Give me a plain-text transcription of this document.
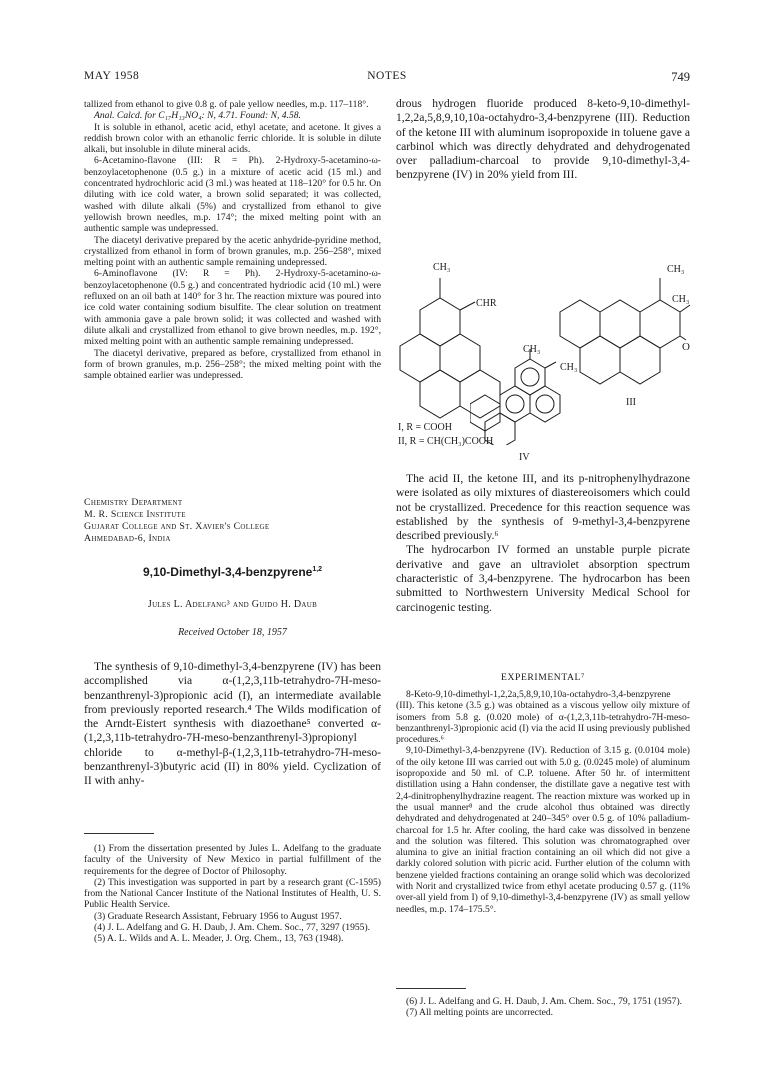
MAY 1958	NOTES	749

tallized from ethanol to give 0.8 g. of pale yellow needles, m.p. 117–118°.

Anal. Calcd. for C₁₇H₁₃NO₄: N, 4.71. Found: N, 4.58.

It is soluble in ethanol, acetic acid, ethyl acetate, and acetone. It gives a reddish brown color with an ethanolic ferric chloride. It is soluble in dilute alkali, but insoluble in dilute mineral acids.

6-Acetamino-flavone (III: R = Ph). 2-Hydroxy-5-acetamino-ω-benzoylacetophenone (0.5 g.) in a mixture of acetic acid (15 ml.) and concentrated hydrochloric acid (3 ml.) was heated at 118–120° for 0.5 hr. On diluting with ice cold water, a brown solid separated; it was collected, washed with dilute alkali (5%) and crystallized from ethanol to give yellowish brown needles, m.p. 174°; the mixed melting point with an authentic sample was undepressed.

The diacetyl derivative prepared by the acetic anhydride-pyridine method, crystallized from ethanol in form of brown granules, m.p. 256–258°, mixed melting point with an authentic sample remaining undepressed.

6-Aminoflavone (IV: R = Ph). 2-Hydroxy-5-acetamino-ω-benzoylacetophenone (0.5 g.) and concentrated hydriodic acid (10 ml.) were refluxed on an oil bath at 140° for 3 hr. The reaction mixture was poured into ice cold water containing sodium bisulfite. The clear solution on treatment with ammonia gave a pale brown solid; it was collected and washed with dilute alkali and crystallized from ethanol to give brown needles, m.p. 192°, mixed melting point with an authentic sample remaining undepressed.

The diacetyl derivative, prepared as before, crystallized from ethanol in form of brown granules, m.p. 256–258°; the mixed melting point with the sample obtained earlier was undepressed.

Chemistry Department
M. R. Science Institute
Gujarat College and St. Xavier's College
Ahmedabad-6, India
9,10-Dimethyl-3,4-benzpyrene$^{1,2}$
Jules L. Adelfang³ and Guido H. Daub
Received October 18, 1957

The synthesis of 9,10-dimethyl-3,4-benzpyrene (IV) has been accomplished via α-(1,2,3,11b-tetrahydro-7H-meso-benzanthrenyl-3)propionic acid (I), an intermediate available from previously reported research.⁴ The Wilds modification of the Arndt-Eistert synthesis with diazoethane⁵ converted α-(1,2,3,11b-tetrahydro-7H-meso-benzanthrenyl-3)propionyl chloride to α-methyl-β-(1,2,3,11b-tetrahydro-7H-meso-benzanthrenyl-3)butyric acid (II) in 80% yield. Cyclization of II with anhy-

(1) From the dissertation presented by Jules L. Adelfang to the graduate faculty of the University of New Mexico in partial fulfillment of the requirements for the degree of Doctor of Philosophy.

(2) This investigation was supported in part by a research grant (C-1595) from the National Cancer Institute of the National Institutes of Health, U. S. Public Health Service.

(3) Graduate Research Assistant, February 1956 to August 1957.

(4) J. L. Adelfang and G. H. Daub, J. Am. Chem. Soc., 77, 3297 (1955).

(5) A. L. Wilds and A. L. Meader, J. Org. Chem., 13, 763 (1948).

drous hydrogen fluoride produced 8-keto-9,10-dimethyl-1,2,2a,5,8,9,10,10a-octahydro-3,4-benzpyrene (III). Reduction of the ketone III with aluminum isopropoxide in toluene gave a carbinol which was directly dehydrated and dehydrogenated over palladium-charcoal to provide 9,10-dimethyl-3,4-benzpyrene (IV) in 20% yield from III.

CH₃
CHR
I, R = COOH
II, R = CH(CH₃)COOH
CH₃
CH₃
O
III
CH₃
CH₃
IV

The acid II, the ketone III, and its p-nitrophenylhydrazone were isolated as oily mixtures of diastereoisomers which could not be crystallized. Precedence for this reaction sequence was established by the synthesis of 9-methyl-3,4-benzpyrene described previously.⁶

The hydrocarbon IV formed an unstable purple picrate derivative and gave an ultraviolet absorption spectrum characteristic of 3,4-benzpyrene. The hydrocarbon has been submitted to Northwestern University Medical School for carcinogenic testing.

EXPERIMENTAL⁷

8-Keto-9,10-dimethyl-1,2,2a,5,8,9,10,10a-octahydro-3,4-benzpyrene (III). This ketone (3.5 g.) was obtained as a viscous yellow oily mixture of isomers from 5.8 g. (0.020 mole) of α-(1,2,3,11b-tetrahydro-7H-meso-benzanthrenyl-3)propionic acid (I) via the acid II using previously published procedures.⁶

9,10-Dimethyl-3,4-benzpyrene (IV). Reduction of 3.15 g. (0.0104 mole) of the oily ketone III was carried out with 5.0 g. (0.0245 mole) of aluminum isopropoxide and 50 ml. of C.P. toluene. After 50 hr. of intermittent distillation using a Hahn condenser, the distillate gave a negative test with 2,4-dinitrophenylhydrazine reagent. The reaction mixture was worked up in the usual manner⁸ and the crude alcohol thus obtained was directly dehydrated and dehydrogenated at 240–345° over 0.5 g. of 10% palladium-charcoal for 1.5 hr. After cooling, the hard cake was dissolved in benzene and the solution was filtered. This solution was chromatographed over alumina to give an initial fraction containing an oil which did not give a darkly colored solution with picric acid. Further elution of the column with benzene yielded fractions containing an orange solid which was decolorized with Norit and crystallized twice from ethyl acetate producing 0.57 g. (11% over-all yield from I) of 9,10-dimethyl-3,4-benzpyrene (IV) as small yellow needles, m.p. 174–175.5°.

(6) J. L. Adelfang and G. H. Daub, J. Am. Chem. Soc., 79, 1751 (1957).

(7) All melting points are uncorrected.
